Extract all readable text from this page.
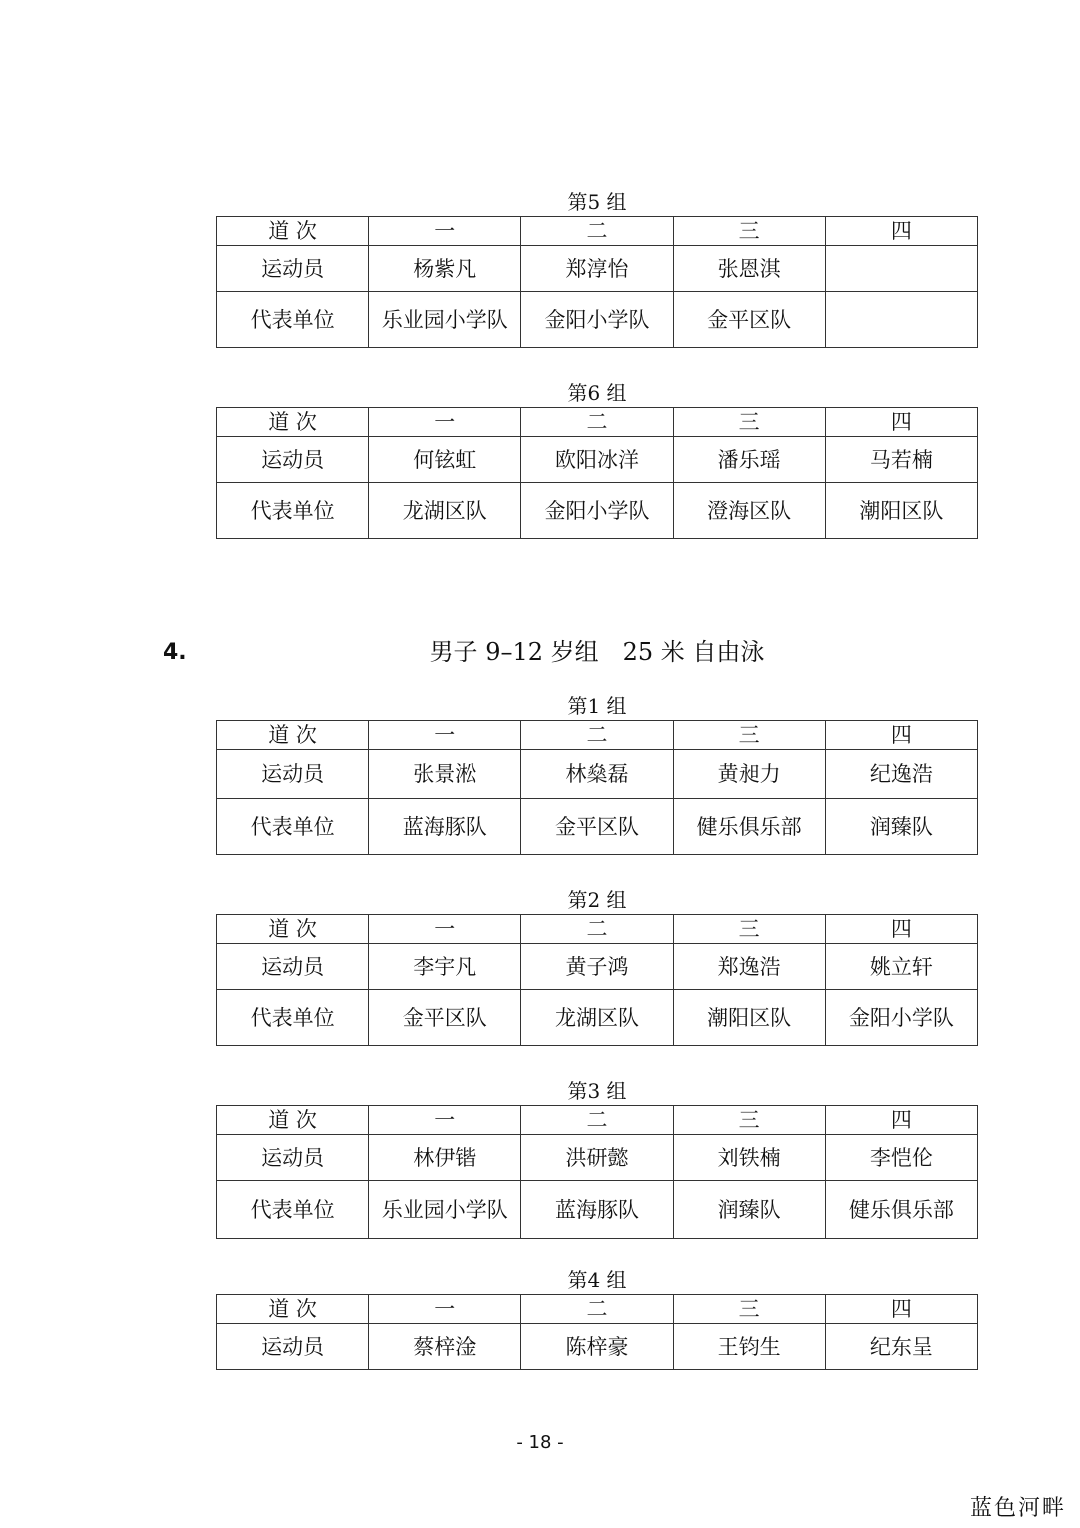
第5 组
道 次	一	二	三	四
运动员	杨紫凡	郑淳怡	张恩淇	
代表单位	乐业园小学队	金阳小学队	金平区队	
第6 组
道 次	一	二	三	四
运动员	何铉虹	欧阳冰洋	潘乐瑶	马若楠
代表单位	龙湖区队	金阳小学队	澄海区队	潮阳区队
4.	男子 9–12 岁组　25 米 自由泳
第1 组
道 次	一	二	三	四
运动员	张景淞	林燊磊	黄昶力	纪逸浩
代表单位	蓝海豚队	金平区队	健乐俱乐部	润臻队
第2 组
道 次	一	二	三	四
运动员	李宇凡	黄子鸿	郑逸浩	姚立轩
代表单位	金平区队	龙湖区队	潮阳区队	金阳小学队
第3 组
道 次	一	二	三	四
运动员	林伊锴	洪研懿	刘铁楠	李恺伦
代表单位	乐业园小学队	蓝海豚队	润臻队	健乐俱乐部
第4 组
道 次	一	二	三	四
运动员	蔡梓淦	陈梓豪	王钧生	纪东呈
- 18 -
蓝色河畔
